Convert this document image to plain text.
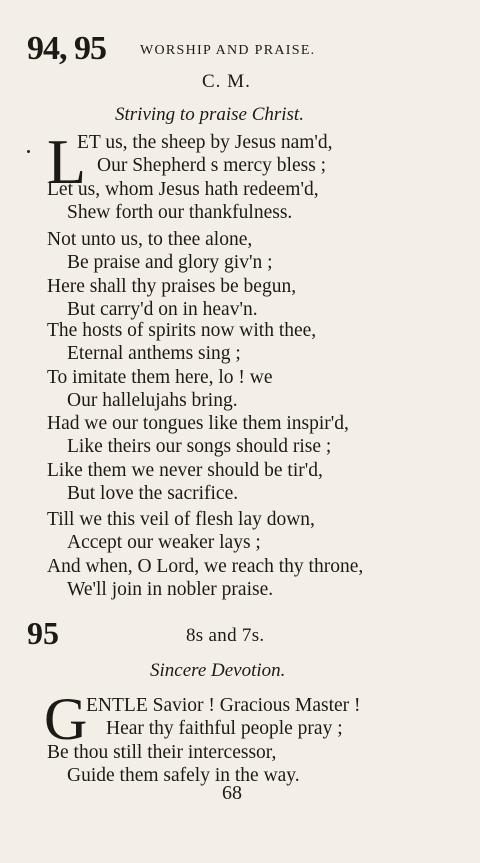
94, 95 WORSHIP AND PRAISE.
C. M.
Striving to praise Christ.
L
ET us, the sheep by Jesus nam'd,
Our Shepherd s mercy bless ;
Let us, whom Jesus hath redeem'd,
Shew forth our thankfulness.
Not unto us, to thee alone,
Be praise and glory giv'n ;
Here shall thy praises be begun,
But carry'd on in heav'n.
The hosts of spirits now with thee,
Eternal anthems sing ;
To imitate them here, lo ! we
Our hallelujahs bring.
Had we our tongues like them inspir'd,
Like theirs our songs should rise ;
Like them we never should be tir'd,
But love the sacrifice.
Till we this veil of flesh lay down,
Accept our weaker lays ;
And when, O Lord, we reach thy throne,
We'll join in nobler praise.
95	8s and 7s.
Sincere Devotion.
G
ENTLE Savior ! Gracious Master !
Hear thy faithful people pray ;
Be thou still their intercessor,
Guide them safely in the way.
68
